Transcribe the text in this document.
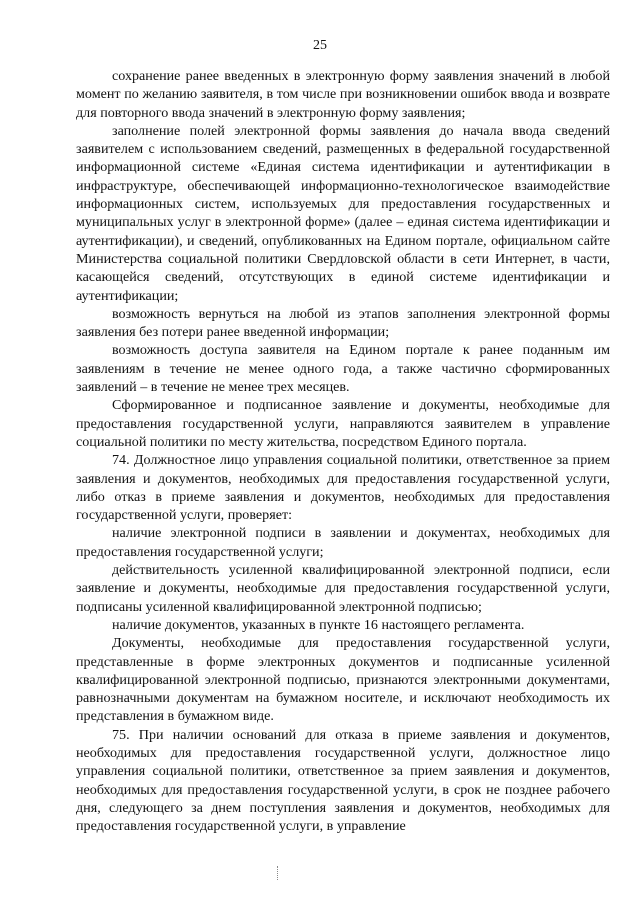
25

сохранение ранее введенных в электронную форму заявления значений в любой момент по желанию заявителя, в том числе при возникновении ошибок ввода и возврате для повторного ввода значений в электронную форму заявления;

заполнение полей электронной формы заявления до начала ввода сведений заявителем с использованием сведений, размещенных в федеральной государственной информационной системе «Единая система идентификации и аутентификации в инфраструктуре, обеспечивающей информационно-технологическое взаимодействие информационных систем, используемых для предоставления государственных и муниципальных услуг в электронной форме» (далее – единая система идентификации и аутентификации), и сведений, опубликованных на Едином портале, официальном сайте Министерства социальной политики Свердловской области в сети Интернет, в части, касающейся сведений, отсутствующих в единой системе идентификации и аутентификации;

возможность вернуться на любой из этапов заполнения электронной формы заявления без потери ранее введенной информации;

возможность доступа заявителя на Едином портале к ранее поданным им заявлениям в течение не менее одного года, а также частично сформированных заявлений – в течение не менее трех месяцев.

Сформированное и подписанное заявление и документы, необходимые для предоставления государственной услуги, направляются заявителем в управление социальной политики по месту жительства, посредством Единого портала.

74. Должностное лицо управления социальной политики, ответственное за прием заявления и документов, необходимых для предоставления государственной услуги, либо отказ в приеме заявления и документов, необходимых для предоставления государственной услуги, проверяет:

наличие электронной подписи в заявлении и документах, необходимых для предоставления государственной услуги;

действительность усиленной квалифицированной электронной подписи, если заявление и документы, необходимые для предоставления государственной услуги, подписаны усиленной квалифицированной электронной подписью;

наличие документов, указанных в пункте 16 настоящего регламента.

Документы, необходимые для предоставления государственной услуги, представленные в форме электронных документов и подписанные усиленной квалифицированной электронной подписью, признаются электронными документами, равнозначными документам на бумажном носителе, и исключают необходимость их представления в бумажном виде.

75. При наличии оснований для отказа в приеме заявления и документов, необходимых для предоставления государственной услуги, должностное лицо управления социальной политики, ответственное за прием заявления и документов, необходимых для предоставления государственной услуги, в срок не позднее рабочего дня, следующего за днем поступления заявления и документов, необходимых для предоставления государственной услуги, в управление
